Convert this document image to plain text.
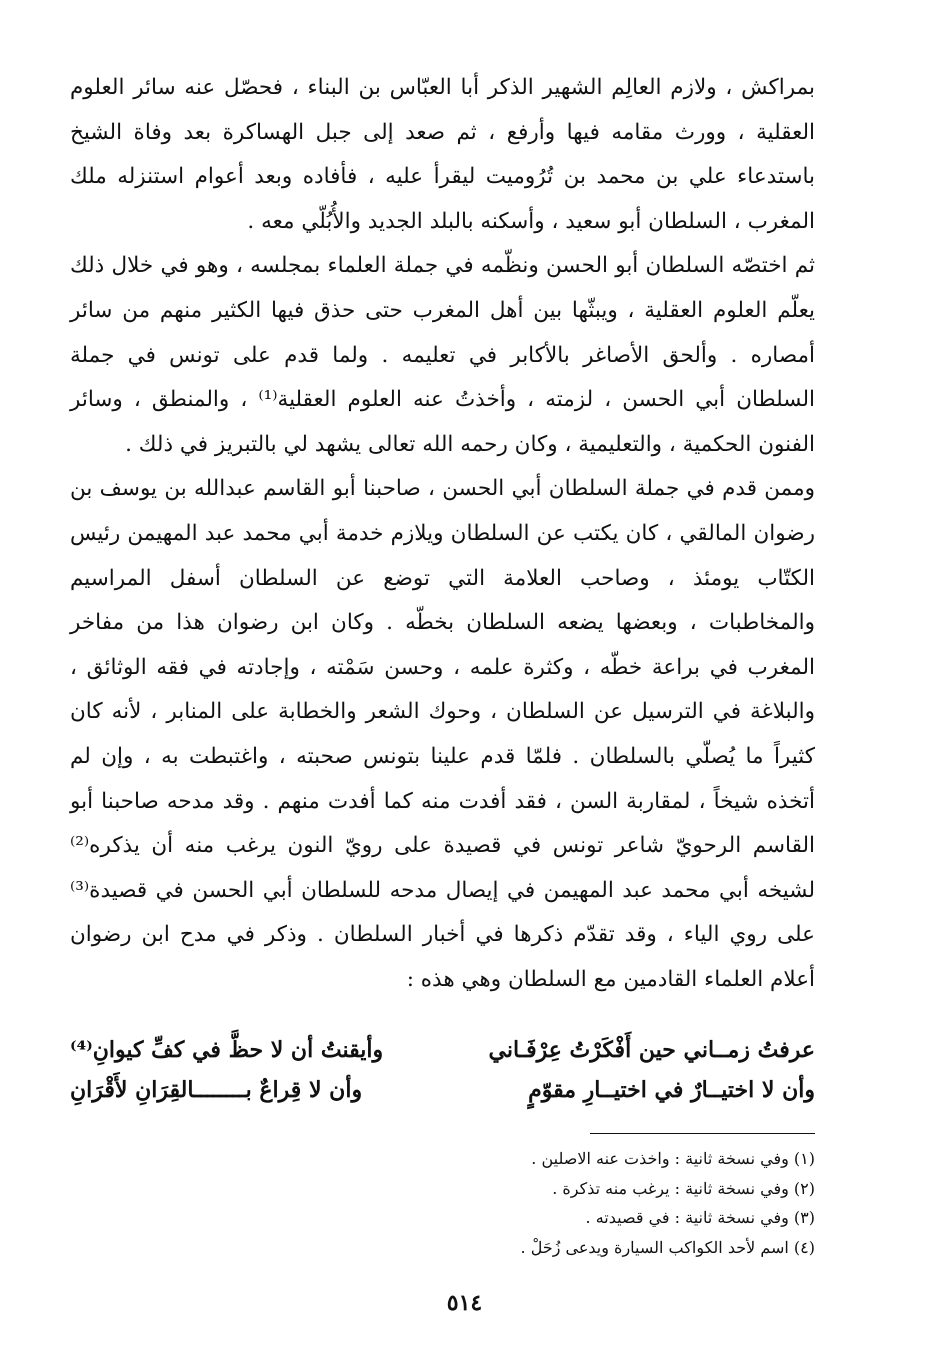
بمراكش ، ولازم العالِم الشهير الذكر أبا العبّاس بن البناء ، فحصّل عنه سائر العلوم العقلية ، وورث مقامه فيها وأرفع ، ثم صعد إلى جبل الهساكرة بعد وفاة الشيخ باستدعاء علي بن محمد بن تُرُوميت ليقرأ عليه ، فأفاده وبعد أعوام استنزله ملك المغرب ، السلطان أبو سعيد ، وأسكنه بالبلد الجديد والأُبُلّي معه .

ثم اختصّه السلطان أبو الحسن ونظّمه في جملة العلماء بمجلسه ، وهو في خلال ذلك يعلّم العلوم العقلية ، ويبثّها بين أهل المغرب حتى حذق فيها الكثير منهم من سائر أمصاره . وألحق الأصاغر بالأكابر في تعليمه . ولما قدم على تونس في جملة السلطان أبي الحسن ، لزمته ، وأخذتُ عنه العلوم العقلية⁽¹⁾ ، والمنطق ، وسائر الفنون الحكمية ، والتعليمية ، وكان رحمه الله تعالى يشهد لي بالتبريز في ذلك .

وممن قدم في جملة السلطان أبي الحسن ، صاحبنا أبو القاسم عبدالله بن يوسف بن رضوان المالقي ، كان يكتب عن السلطان ويلازم خدمة أبي محمد عبد المهيمن رئيس الكتّاب يومئذ ، وصاحب العلامة التي توضع عن السلطان أسفل المراسيم والمخاطبات ، وبعضها يضعه السلطان بخطّه . وكان ابن رضوان هذا من مفاخر المغرب في براعة خطّه ، وكثرة علمه ، وحسن سَمْته ، وإجادته في فقه الوثائق ، والبلاغة في الترسيل عن السلطان ، وحوك الشعر والخطابة على المنابر ، لأنه كان كثيراً ما يُصلّي بالسلطان . فلمّا قدم علينا بتونس صحبته ، واغتبطت به ، وإن لم أتخذه شيخاً ، لمقاربة السن ، فقد أفدت منه كما أفدت منهم . وقد مدحه صاحبنا أبو القاسم الرحويّ شاعر تونس في قصيدة على رويّ النون يرغب منه أن يذكره⁽²⁾ لشيخه أبي محمد عبد المهيمن في إيصال مدحه للسلطان أبي الحسن في قصيدة⁽³⁾ على روي الياء ، وقد تقدّم ذكرها في أخبار السلطان . وذكر في مدح ابن رضوان أعلام العلماء القادمين مع السلطان وهي هذه :

عرفتُ زمــاني حين أَفْكَرْتُ عِرْفَـاني
وأيقنتُ أن لا حظَّ في كفِّ كيوانِ⁽⁴⁾
وأن لا اختيــارٌ في اختيــارِ مقوّمٍ
وأن لا قِراعٌ بــــــــالقِرَانِ لأَقْرَانِ
(١) وفي نسخة ثانية : واخذت عنه الاصلين .
(٢) وفي نسخة ثانية : يرغب منه تذكرة .
(٣) وفي نسخة ثانية : في قصيدته .
(٤) اسم لأحد الكواكب السيارة ويدعى زُحَلْ .
٥١٤
